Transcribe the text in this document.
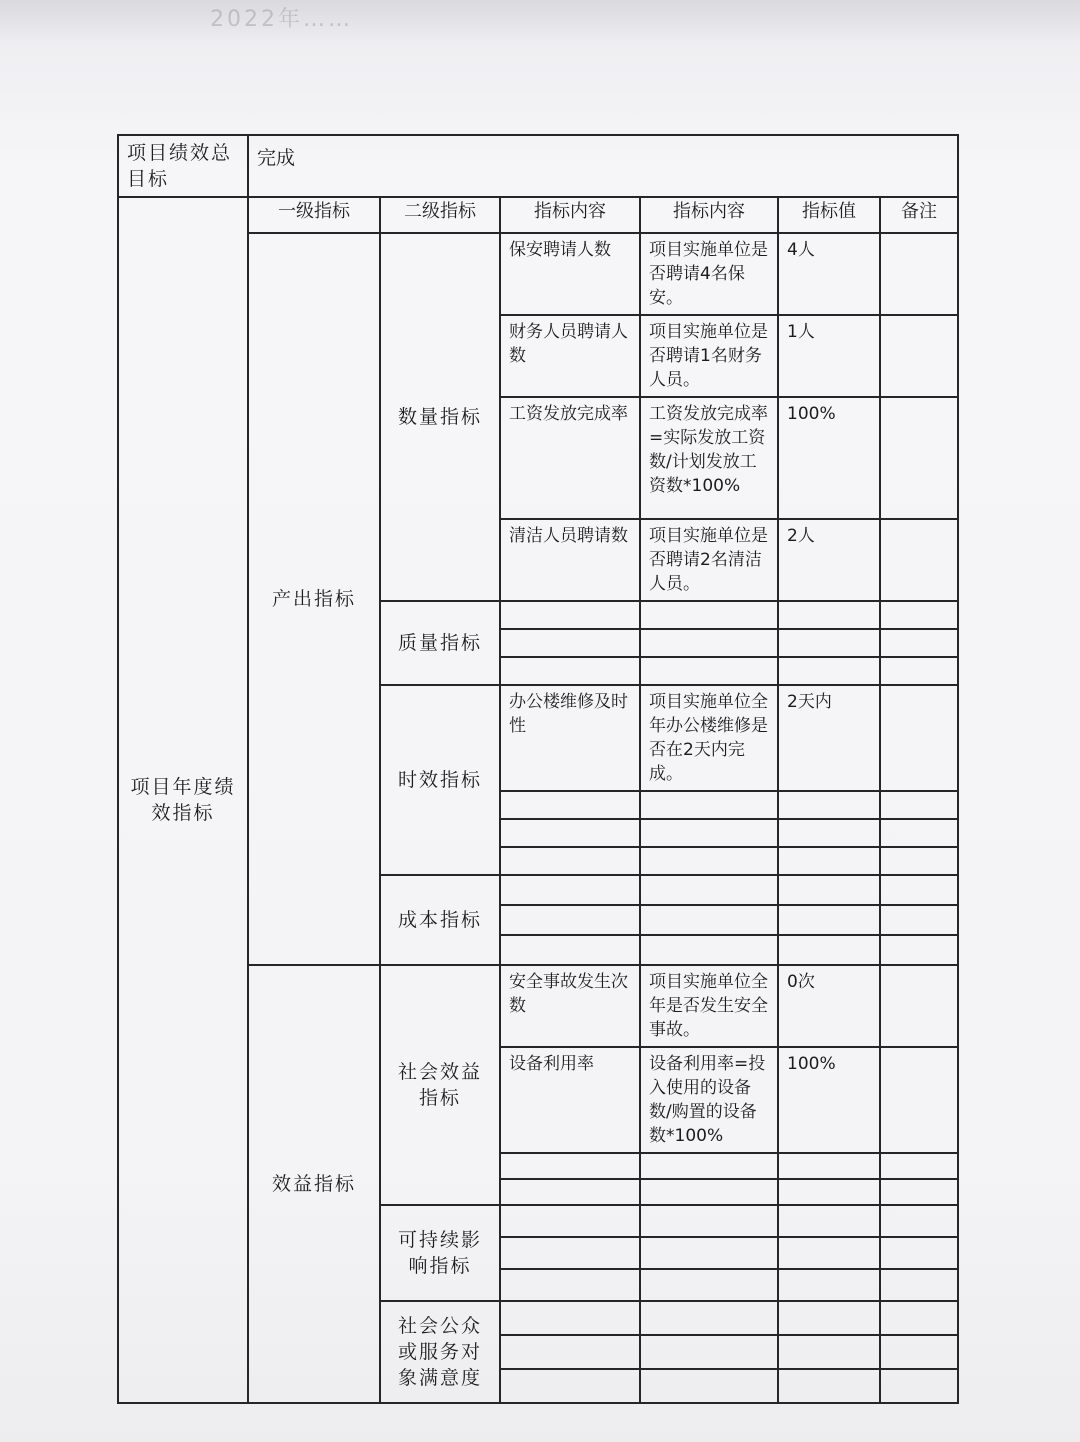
2022年……
项目绩效总目标	完成					
项目年度绩效指标	一级指标	二级指标	指标内容	指标内容	指标值	备注
	产出指标	数量指标	保安聘请人数	项目实施单位是否聘请4名保安。	4人	
			财务人员聘请人数	项目实施单位是否聘请1名财务人员。	1人	
			工资发放完成率	工资发放完成率=实际发放工资数/计划发放工资数*100%	100%	
			清洁人员聘请数	项目实施单位是否聘请2名清洁人员。	2人	
		质量指标				

		时效指标	办公楼维修及时性	项目实施单位全年办公楼维修是否在2天内完成。	2天内	

		成本指标				

	效益指标	社会效益指标	安全事故发生次数	项目实施单位全年是否发生安全事故。	0次	
			设备利用率	设备利用率=投入使用的设备数/购置的设备数*100%	100%	

		可持续影响指标				

		社会公众或服务对象满意度				
